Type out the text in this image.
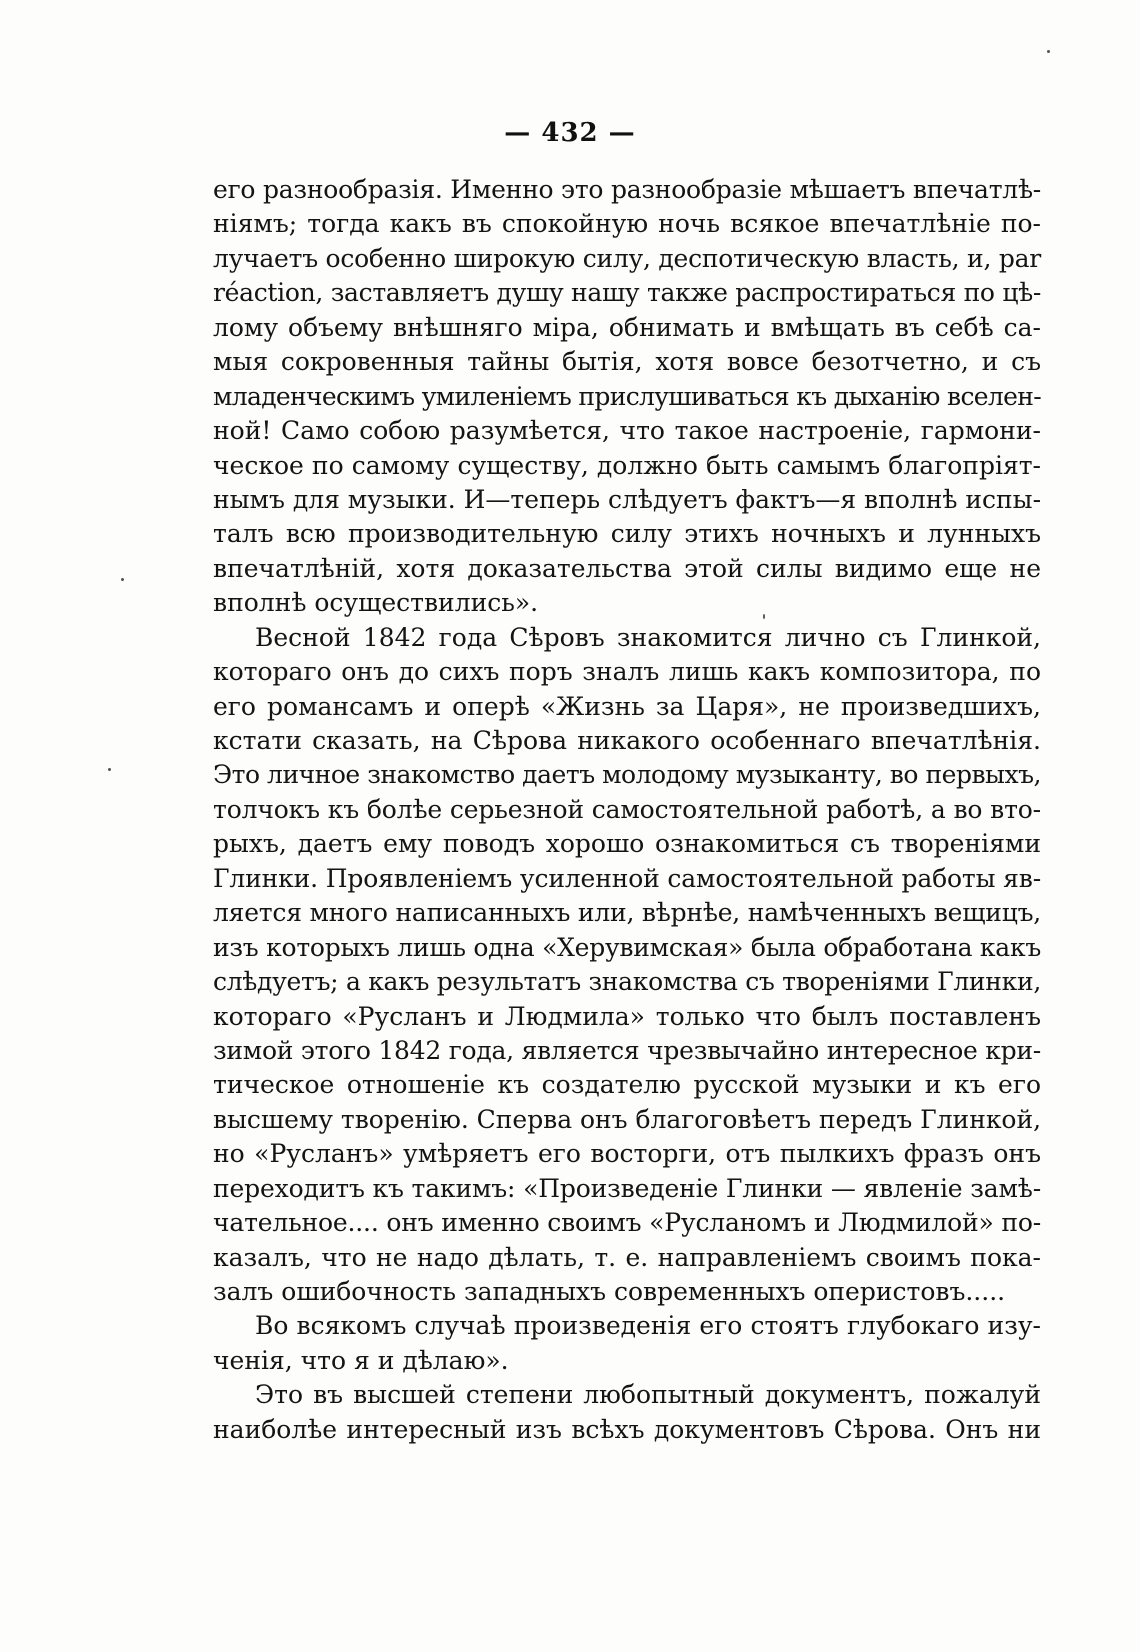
— 432 —
его разнообразія. Именно это разнообразіе мѣшаетъ впечатлѣ-
ніямъ; тогда какъ въ спокойную ночь всякое впечатлѣніе по-
лучаетъ особенно широкую силу, деспотическую власть, и, par
réaction, заставляетъ душу нашу также распростираться по цѣ-
лому объему внѣшняго міра, обнимать и вмѣщать въ себѣ са-
мыя сокровенныя тайны бытія, хотя вовсе безотчетно, и съ
младенческимъ умиленіемъ прислушиваться къ дыханію вселен-
ной! Само собою разумѣется, что такое настроеніе, гармони-
ческое по самому существу, должно быть самымъ благопріят-
нымъ для музыки. И—теперь слѣдуетъ фактъ—я вполнѣ испы-
талъ всю производительную силу этихъ ночныхъ и лунныхъ
впечатлѣній, хотя доказательства этой силы видимо еще не
вполнѣ осуществились».
Весной 1842 года Сѣровъ знакомится лично съ Глинкой,
котораго онъ до сихъ поръ зналъ лишь какъ композитора, по
его романсамъ и оперѣ «Жизнь за Царя», не произведшихъ,
кстати сказать, на Сѣрова никакого особеннаго впечатлѣнія.
Это личное знакомство даетъ молодому музыканту, во первыхъ,
толчокъ къ болѣе серьезной самостоятельной работѣ, а во вто-
рыхъ, даетъ ему поводъ хорошо ознакомиться съ твореніями
Глинки. Проявленіемъ усиленной самостоятельной работы яв-
ляется много написанныхъ или, вѣрнѣе, намѣченныхъ вещицъ,
изъ которыхъ лишь одна «Херувимская» была обработана какъ
слѣдуетъ; а какъ результатъ знакомства съ твореніями Глинки,
котораго «Русланъ и Людмила» только что былъ поставленъ
зимой этого 1842 года, является чрезвычайно интересное кри-
тическое отношеніе къ создателю русской музыки и къ его
высшему творенію. Сперва онъ благоговѣетъ передъ Глинкой,
но «Русланъ» умѣряетъ его восторги, отъ пылкихъ фразъ онъ
переходитъ къ такимъ: «Произведеніе Глинки — явленіе замѣ-
чательное.... онъ именно своимъ «Русланомъ и Людмилой» по-
казалъ, что не надо дѣлать, т. е. направленіемъ своимъ пока-
залъ ошибочность западныхъ современныхъ оперистовъ.....
Во всякомъ случаѣ произведенія его стоятъ глубокаго изу-
ченія, что я и дѣлаю».
Это въ высшей степени любопытный документъ, пожалуй
наиболѣе интересный изъ всѣхъ документовъ Сѣрова. Онъ ни
